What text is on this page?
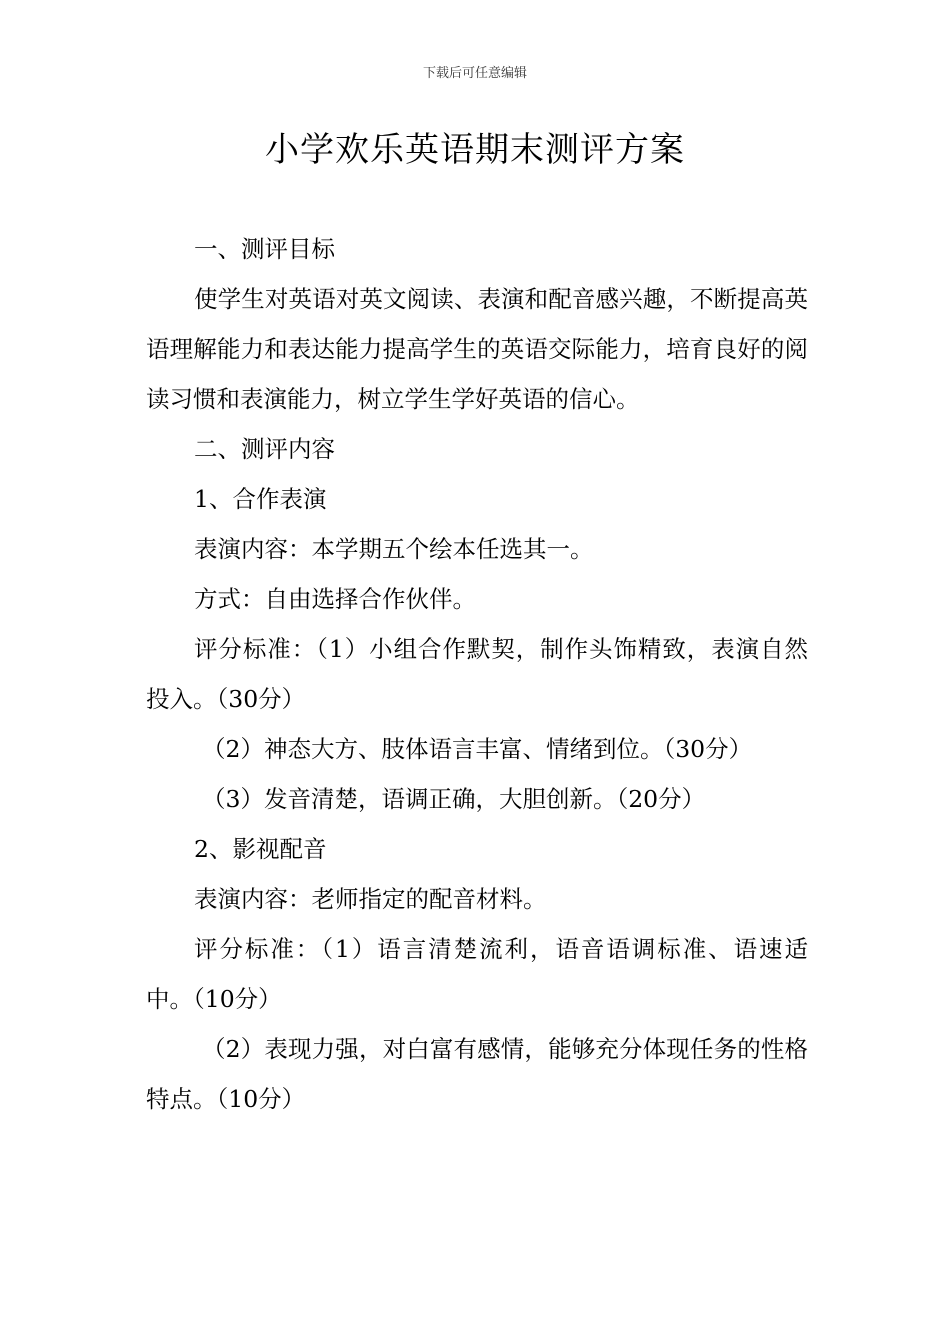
下载后可任意编辑
小学欢乐英语期末测评方案

一、测评目标

使学生对英语对英文阅读、表演和配音感兴趣，不断提高英语理解能力和表达能力提高学生的英语交际能力，培育良好的阅读习惯和表演能力，树立学生学好英语的信心。

二、测评内容

1、合作表演

表演内容：本学期五个绘本任选其一。

方式：自由选择合作伙伴。

评分标准：（1）小组合作默契，制作头饰精致，表演自然投入。（30分）

（2）神态大方、肢体语言丰富、情绪到位。（30分）

（3）发音清楚，语调正确，大胆创新。（20分）

2、影视配音

表演内容：老师指定的配音材料。

评分标准：（1）语言清楚流利，语音语调标准、语速适中。（10分）

（2）表现力强，对白富有感情，能够充分体现任务的性格特点。（10分）
